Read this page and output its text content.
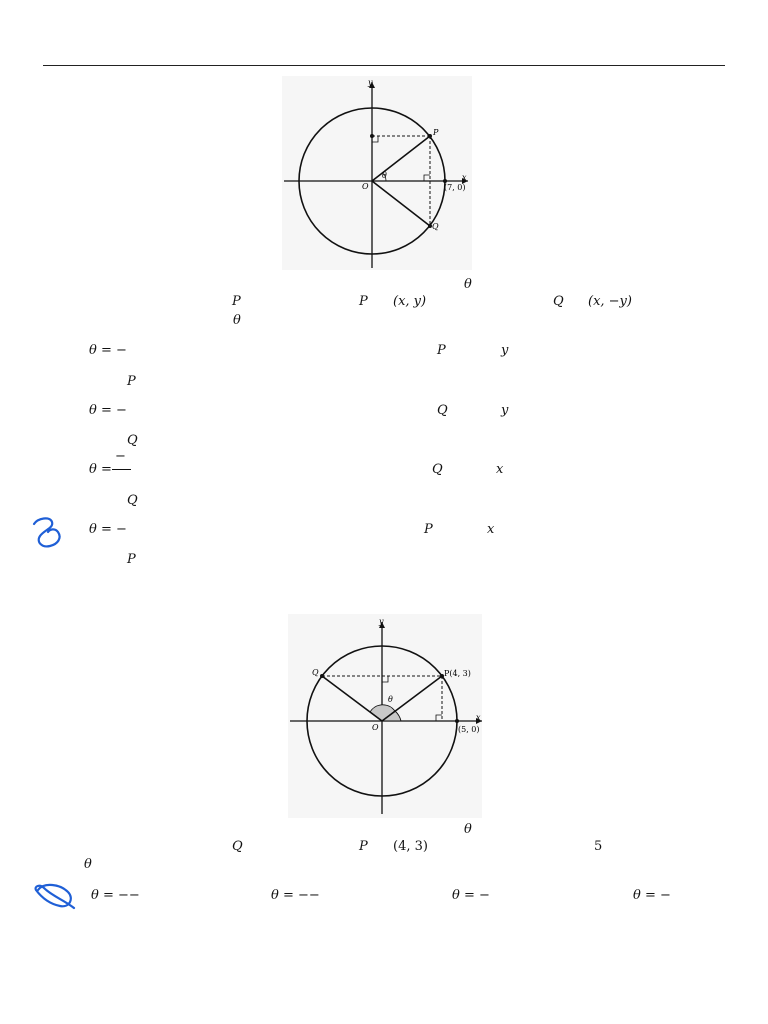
y
x
O
P
Q
θ
(7, 0)
θ
P	P (x, y)	Q (x, −y)
θ
θ = −	P	y
P
θ = −	Q	y
Q
−
θ =	Q	x
Q
θ = −	P	x
P
y
x
O
P(4, 3)
Q
θ
(5, 0)
θ
Q	P (4, 3)	5
θ
θ = −−	θ = −−	θ = −	θ = −
